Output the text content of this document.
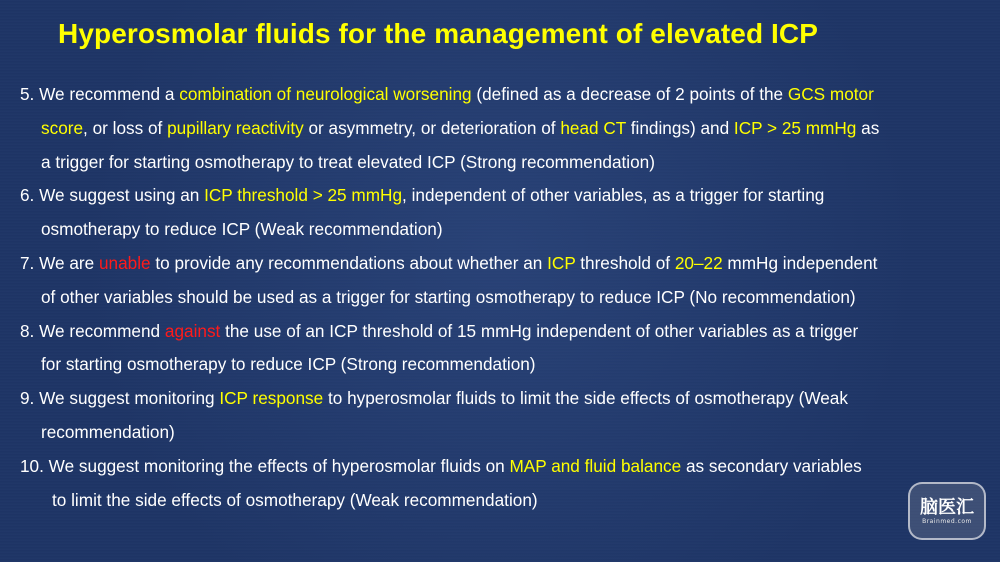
Hyperosmolar fluids for the management of elevated ICP
5. We recommend a combination of neurological worsening (defined as a decrease of 2 points of the GCS motor
score, or loss of pupillary reactivity or asymmetry, or deterioration of head CT findings) and ICP > 25 mmHg as
a trigger for starting osmotherapy to treat elevated ICP (Strong recommendation)
6. We suggest using an ICP threshold > 25 mmHg, independent of other variables, as a trigger for starting
osmotherapy to reduce ICP (Weak recommendation)
7. We are unable to provide any recommendations about whether an ICP threshold of 20–22 mmHg independent
of other variables should be used as a trigger for starting osmotherapy to reduce ICP (No recommendation)
8. We recommend against the use of an ICP threshold of 15 mmHg independent of other variables as a trigger
for starting osmotherapy to reduce ICP (Strong recommendation)
9. We suggest monitoring ICP response to hyperosmolar fluids to limit the side effects of osmotherapy (Weak
recommendation)
10. We suggest monitoring the effects of hyperosmolar fluids on MAP and fluid balance as secondary variables
to limit the side effects of osmotherapy (Weak recommendation)	脑医汇
Brainmed.com
